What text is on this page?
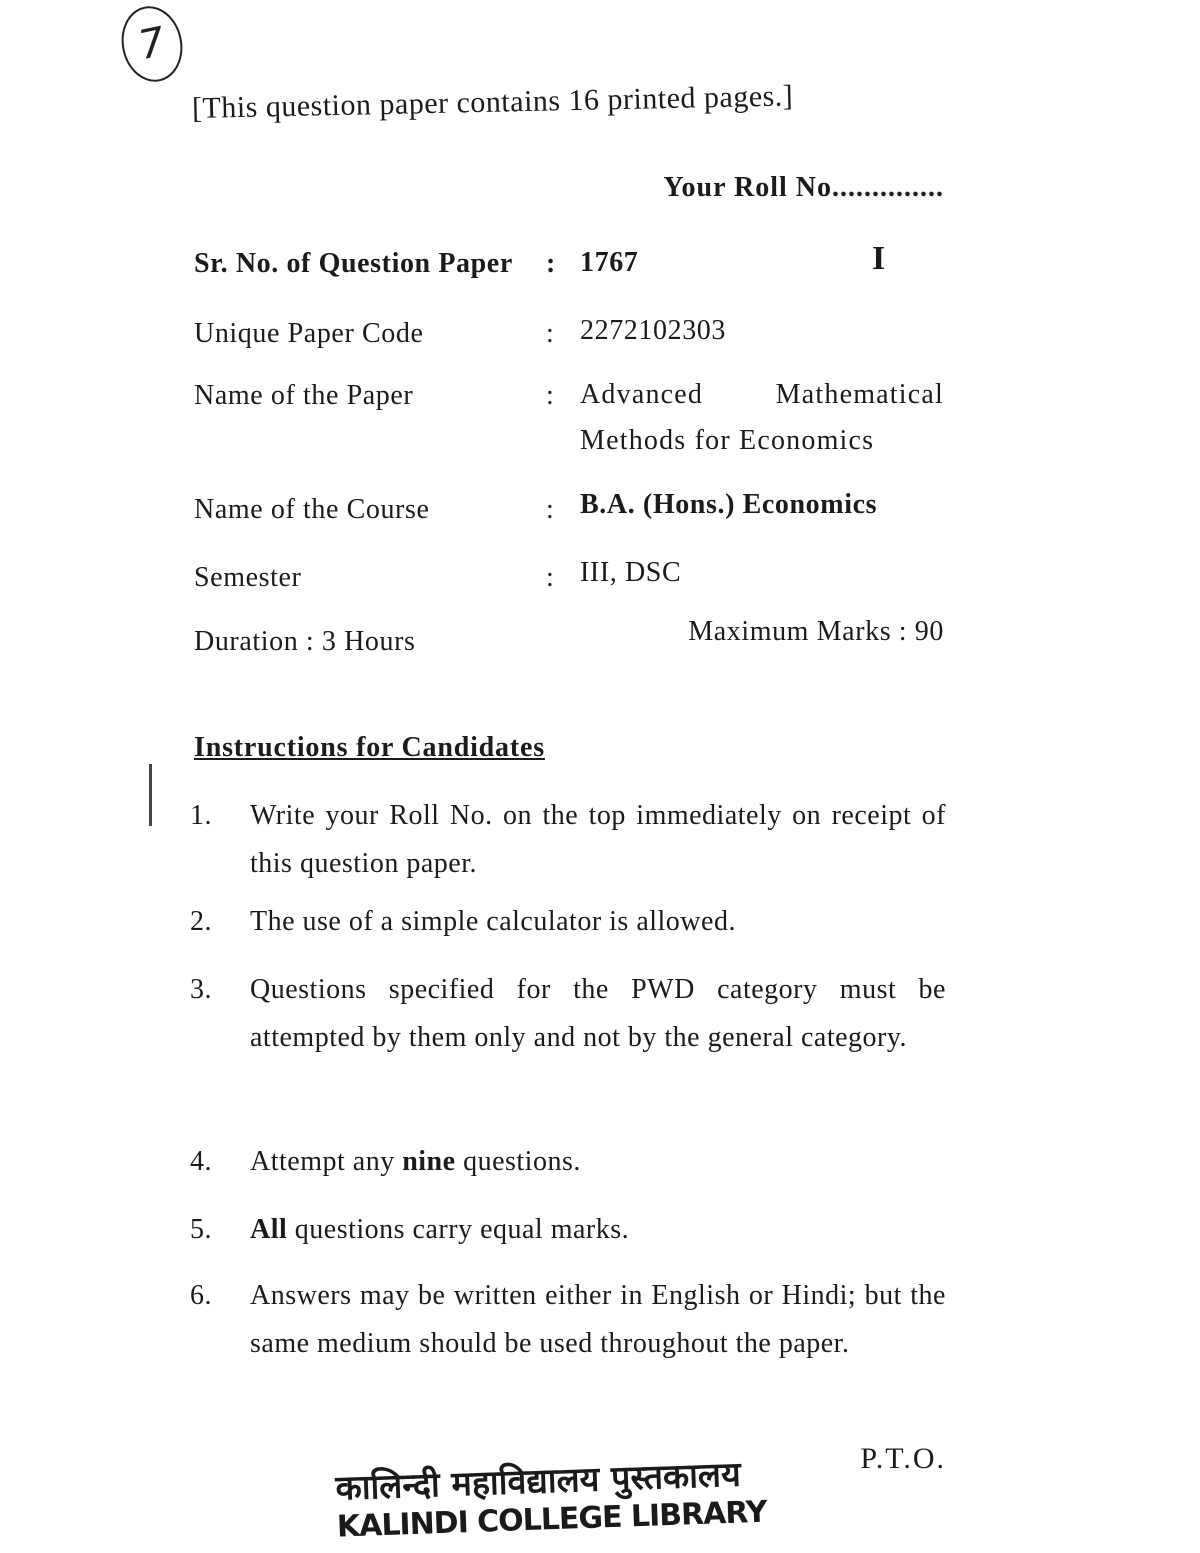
7
[This question paper contains 16 printed pages.]
Your Roll No..............
I
Sr. No. of Question Paper : 1767
Unique Paper Code	: 2272102303
Name of the Paper	: Advanced Mathematical Methods for Economics
Name of the Course	: B.A. (Hons.) Economics
Semester	: III, DSC
Duration : 3 Hours	Maximum Marks : 90
Instructions for Candidates
1. Write your Roll No. on the top immediately on receipt of this question paper.
2. The use of a simple calculator is allowed.
3. Questions specified for the PWD category must be attempted by them only and not by the general category.
4. Attempt any nine questions.
5. All questions carry equal marks.
6. Answers may be written either in English or Hindi; but the same medium should be used throughout the paper.
P.T.O.
कालिन्दी महाविद्यालय पुस्तकालय
KALINDI COLLEGE LIBRARY
